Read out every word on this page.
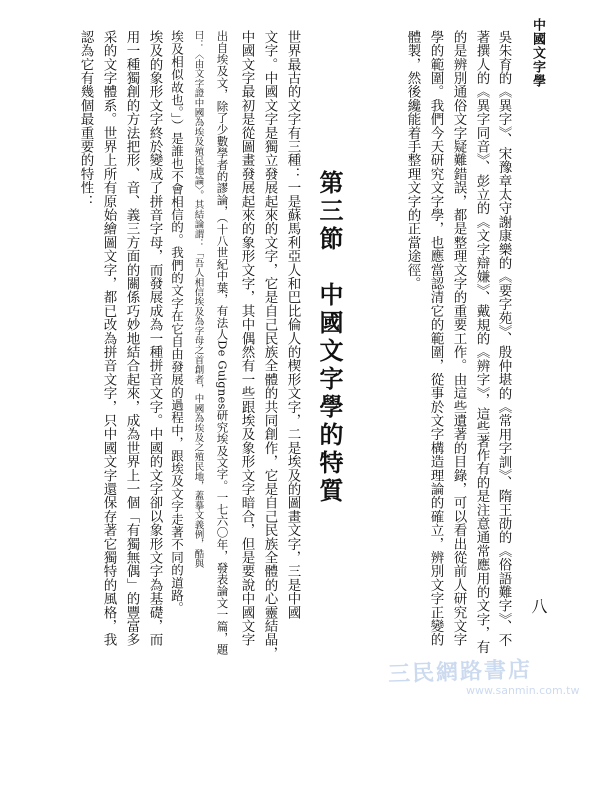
中國文字學
八
吳朱育的《異字》、宋豫章太守謝康樂的《要字苑》、殷仲堪的《常用字訓》、隋王劭的《俗語難字》、不
著撰人的《異字同音》、彭立的《文字辯嫌》、戴規的《辨字》，這些著作有的是注意通常應用的文字，有
的是辨別通俗文字疑難錯誤，都是整理文字的重要工作。由這些遺著的目錄，可以看出從前人研究文字
學的範圍。我們今天研究文字學，也應當認清它的範圍，從事於文字構造理論的確立，辨別文字正變的
體製，然後纔能着手整理文字的正當途徑。
第三節　中國文字學的特質
世界最古的文字有三種：一是蘇馬利亞人和巴比倫人的楔形文字，二是埃及的圖畫文字，三是中國
文字。中國文字是獨立發展起來的文字，它是自己民族全體的共同創作，它是自己民族全體的心靈結晶，
中國文字最初是從圖畫發展起來的象形文字，其中偶然有一些跟埃及象形文字暗合，但是要說中國文字
出自埃及文，除了少數學者的謬論，（十八世紀中葉，有法人De Guignes研究埃及文字。一七六〇年，發表論文一篇，題
曰：〈由文字證中國為埃及殖民地論〉。其結論謂：「吾人相信埃及為字母之首創者，中國為埃及之殖民地，蓋摹文義例，酷與
埃及相似故也。」）是誰也不會相信的。我們的文字在它自由發展的過程中，跟埃及文字走著不同的道路。
埃及的象形文字終於變成了拼音字母，而發展成為一種拼音文字。中國的文字卻以象形文字為基礎，而
用一種獨創的方法把形、音、義三方面的關係巧妙地結合起來，成為世界上一個「有獨無偶」的豐富多
采的文字體系。世界上所有原始繪圖文字，都已改為拼音文字，只中國文字還保存著它獨特的風格，我
認為它有幾個最重要的特性：
三民網路書店
www.sanmin.com.tw
